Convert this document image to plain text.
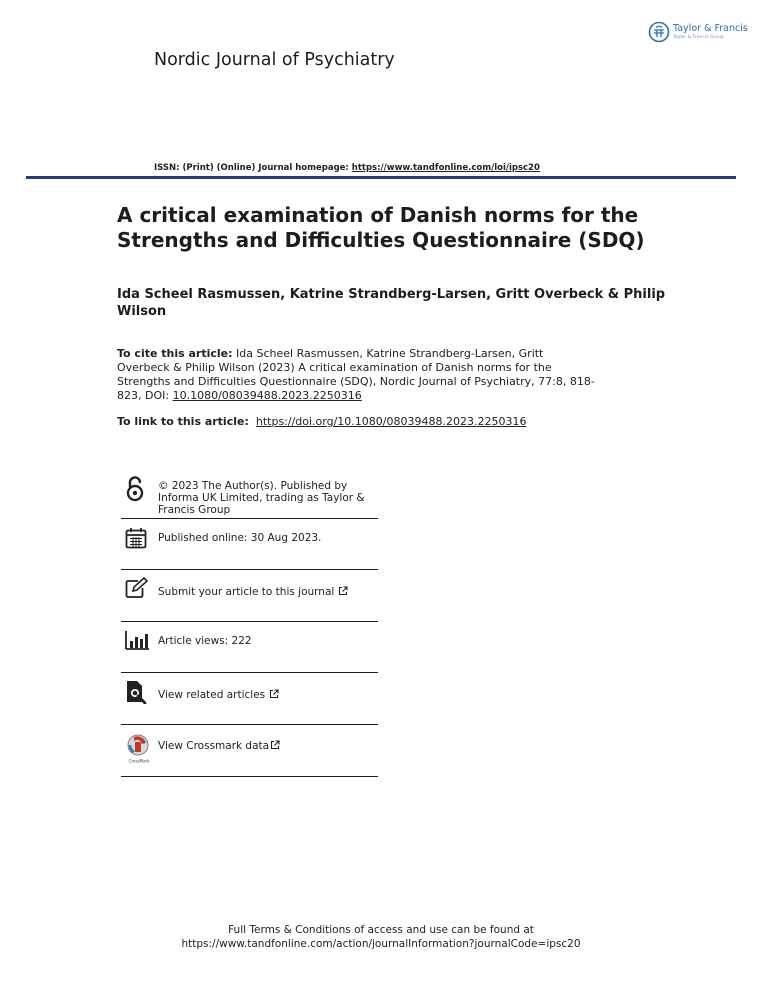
Nordic Journal of Psychiatry
Taylor & Francis
Taylor & Francis Group
ISSN: (Print) (Online) Journal homepage: https://www.tandfonline.com/loi/ipsc20
A critical examination of Danish norms for the Strengths and Difficulties Questionnaire (SDQ)
Ida Scheel Rasmussen, Katrine Strandberg-Larsen, Gritt Overbeck & Philip Wilson
To cite this article: Ida Scheel Rasmussen, Katrine Strandberg-Larsen, Gritt Overbeck & Philip Wilson (2023) A critical examination of Danish norms for the Strengths and Difficulties Questionnaire (SDQ), Nordic Journal of Psychiatry, 77:8, 818-823, DOI: 10.1080/08039488.2023.2250316
To link to this article: https://doi.org/10.1080/08039488.2023.2250316
© 2023 The Author(s). Published by Informa UK Limited, trading as Taylor & Francis Group
Published online: 30 Aug 2023.
Submit your article to this journal
Article views: 222
View related articles
CrossMark
View Crossmark data
Full Terms & Conditions of access and use can be found at
https://www.tandfonline.com/action/journalInformation?journalCode=ipsc20
